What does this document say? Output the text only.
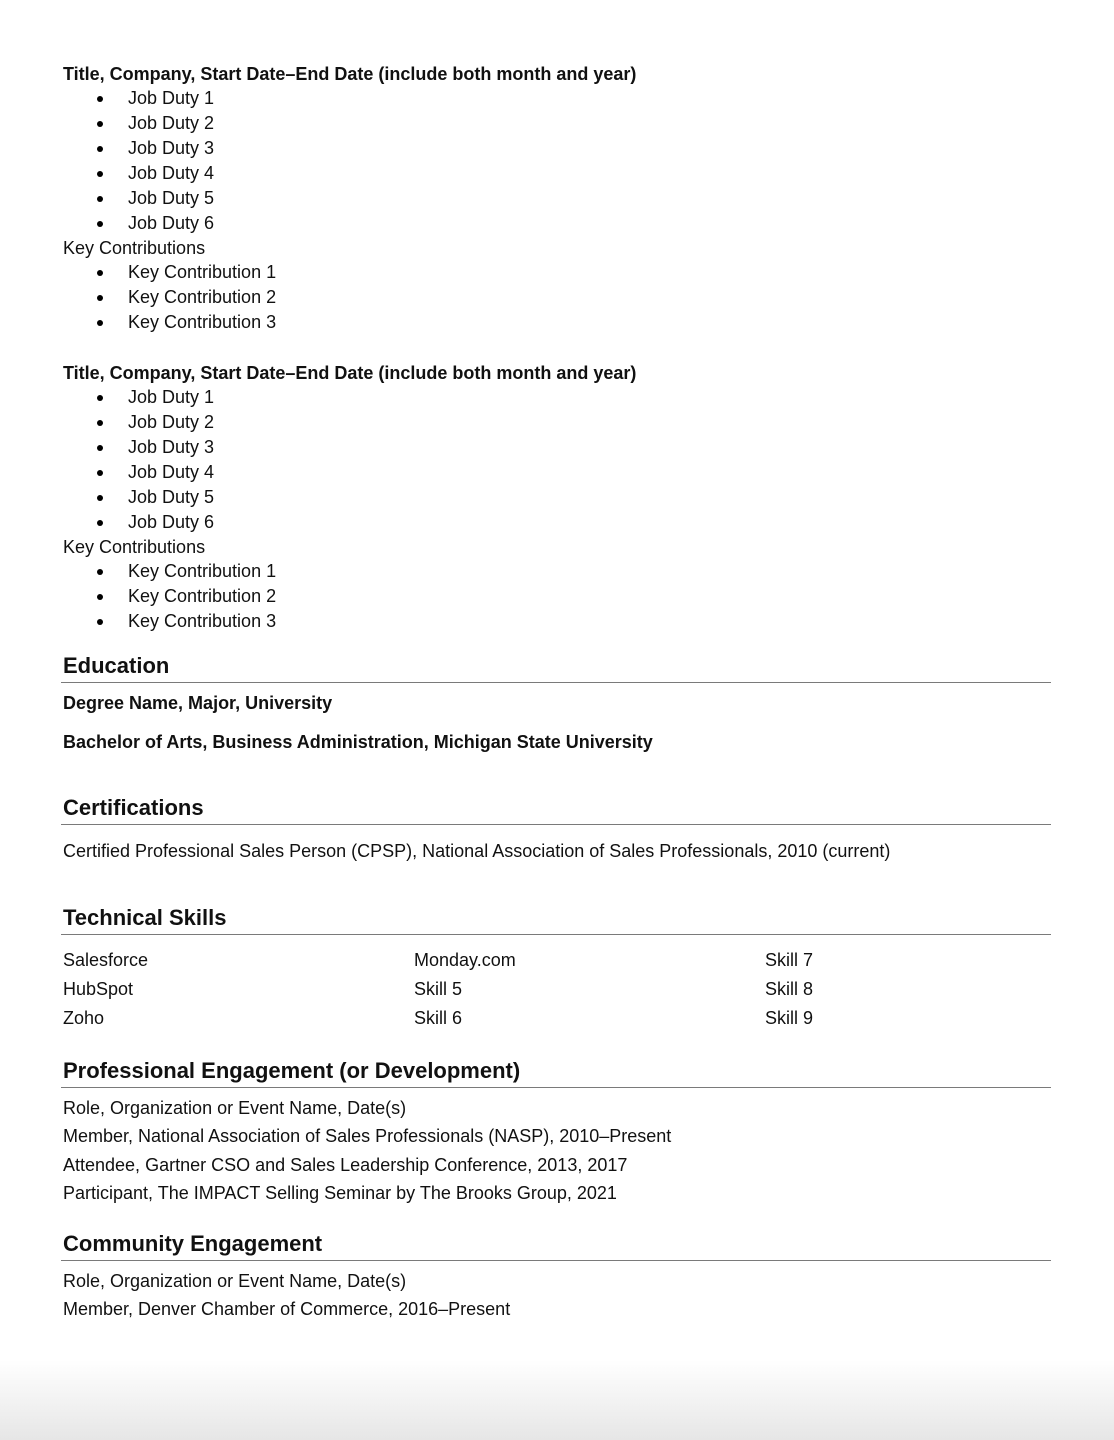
Title, Company, Start Date–End Date (include both month and year)

Job Duty 1
Job Duty 2
Job Duty 3
Job Duty 4
Job Duty 5
Job Duty 6
Key Contributions
Key Contribution 1
Key Contribution 2
Key Contribution 3

Title, Company, Start Date–End Date (include both month and year)

Job Duty 1
Job Duty 2
Job Duty 3
Job Duty 4
Job Duty 5
Job Duty 6
Key Contributions
Key Contribution 1
Key Contribution 2
Key Contribution 3
Education
Degree Name, Major, University
Bachelor of Arts, Business Administration, Michigan State University
Certifications
Certified Professional Sales Person (CPSP), National Association of Sales Professionals, 2010 (current)
Technical Skills
Salesforce	Monday.com	Skill 7
HubSpot	Skill 5	Skill 8
Zoho	Skill 6	Skill 9
Professional Engagement (or Development)
Role, Organization or Event Name, Date(s)
Member, National Association of Sales Professionals (NASP), 2010–Present
Attendee, Gartner CSO and Sales Leadership Conference, 2013, 2017
Participant, The IMPACT Selling Seminar by The Brooks Group, 2021
Community Engagement
Role, Organization or Event Name, Date(s)
Member, Denver Chamber of Commerce, 2016–Present
